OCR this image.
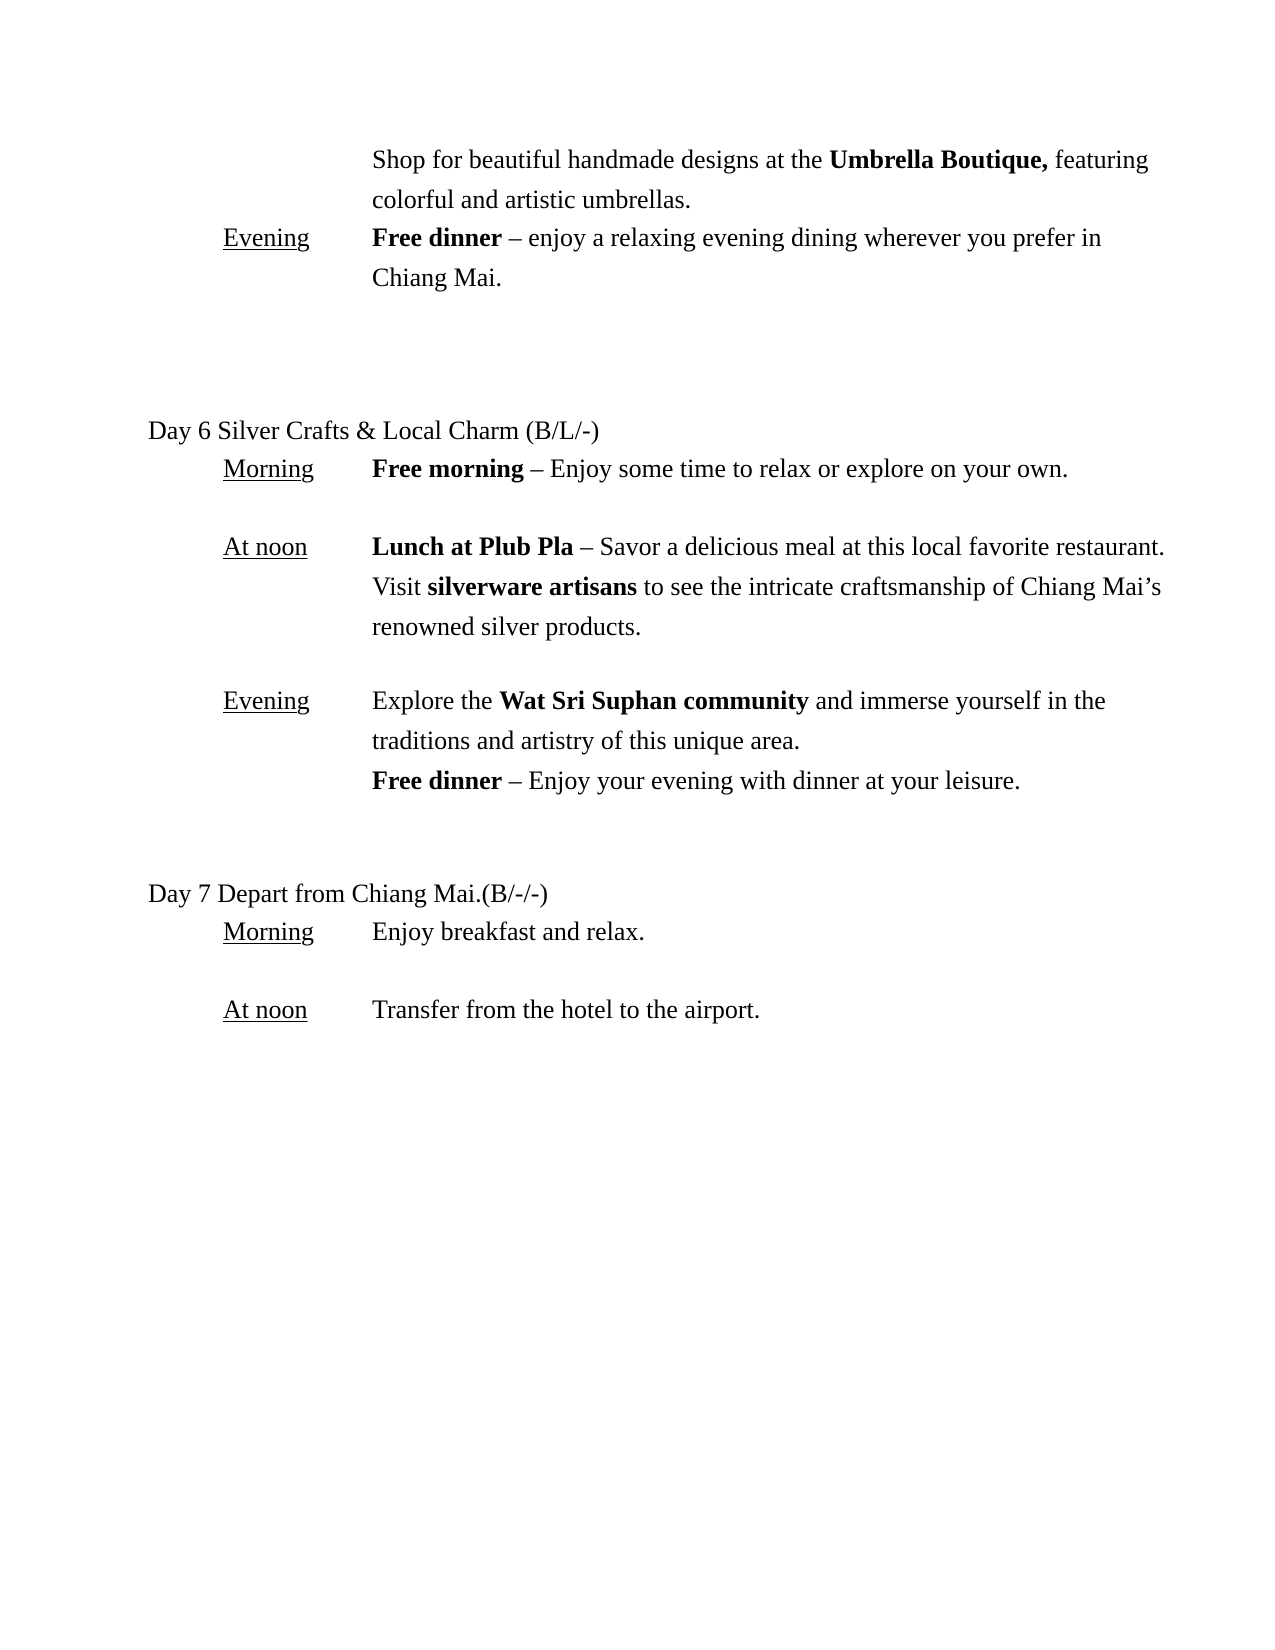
Shop for beautiful handmade designs at the Umbrella Boutique, featuring colorful and artistic umbrellas.

Evening Free dinner – enjoy a relaxing evening dining wherever you prefer in Chiang Mai.

Day 6 Silver Crafts & Local Charm (B/L/-)
Morning Free morning – Enjoy some time to relax or explore on your own.

At noon Lunch at Plub Pla – Savor a delicious meal at this local favorite restaurant. Visit silverware artisans to see the intricate craftsmanship of Chiang Mai’s renowned silver products.

Evening Explore the Wat Sri Suphan community and immerse yourself in the traditions and artistry of this unique area.
Free dinner – Enjoy your evening with dinner at your leisure.

Day 7 Depart from Chiang Mai.(B/-/-)
Morning Enjoy breakfast and relax.

At noon Transfer from the hotel to the airport.
